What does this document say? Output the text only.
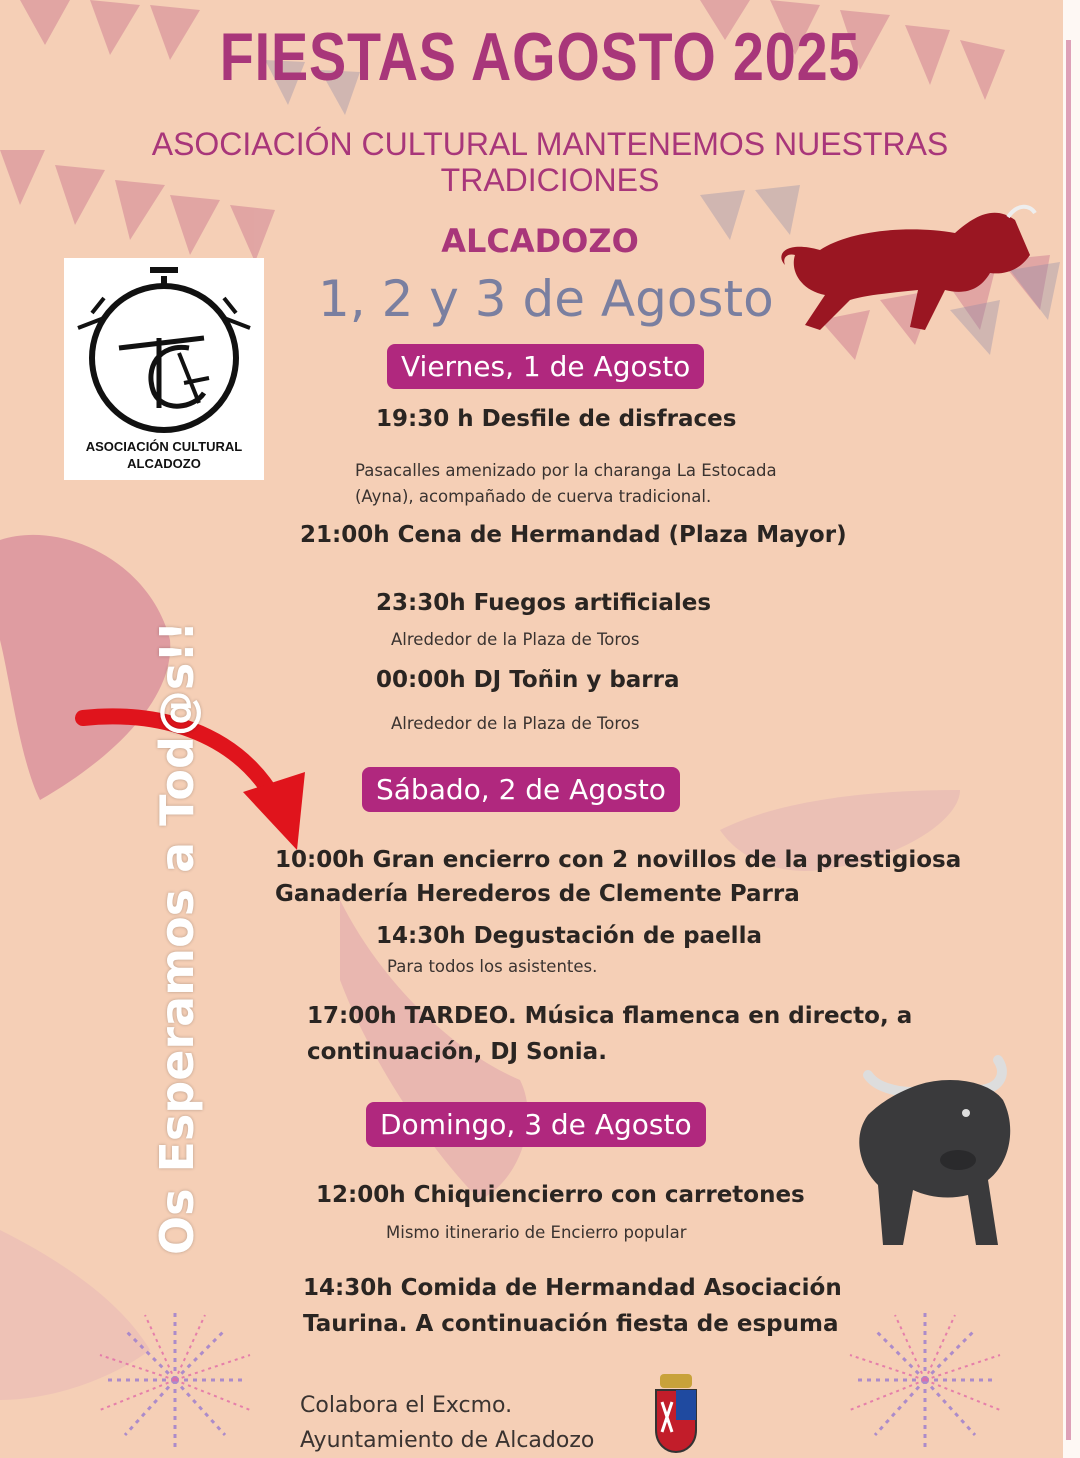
FIESTAS AGOSTO 2025
ASOCIACIÓN CULTURAL MANTENEMOS NUESTRAS TRADICIONES
ALCADOZO
1, 2 y 3 de Agosto
ASOCIACIÓN CULTURAL
ALCADOZO
Os Esperamos a Tod@s!!
Viernes, 1 de Agosto
19:30 h Desfile de disfraces
Pasacalles amenizado por la charanga La Estocada
(Ayna), acompañado de cuerva tradicional.
21:00h Cena de Hermandad (Plaza Mayor)
23:30h Fuegos artificiales
Alrededor de la Plaza de Toros
00:00h DJ Toñin y barra
Alrededor de la Plaza de Toros
Sábado, 2 de Agosto
10:00h Gran encierro con 2 novillos de la prestigiosa
Ganadería Herederos de Clemente Parra
14:30h Degustación de paella
Para todos los asistentes.
17:00h TARDEO. Música flamenca en directo, a
continuación, DJ Sonia.
Domingo, 3 de Agosto
12:00h Chiquiencierro con carretones
Mismo itinerario de Encierro popular
14:30h Comida de Hermandad Asociación
Taurina. A continuación fiesta de espuma
Colabora el Excmo.
Ayuntamiento de Alcadozo
